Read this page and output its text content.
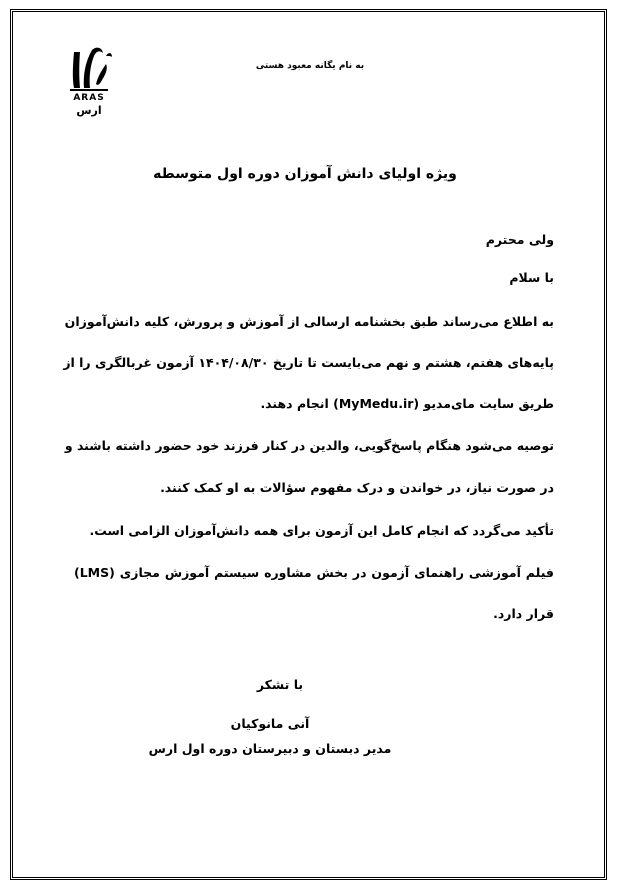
ARAS
ارس
به نام یگانه معبود هستی
ویژه اولیای دانش آموزان دوره اول متوسطه
ولی محترم
با سلام
به اطلاع می‌رساند طبق بخشنامه ارسالی از آموزش و پرورش، کلیه دانش‌آموزان
پایه‌های هفتم، هشتم و نهم می‌بایست تا تاریخ ۱۴۰۴/۰۸/۳۰ آزمون غربالگری را از
طریق سایت مای‌مدیو (MyMedu.ir) انجام دهند.
توصیه می‌شود هنگام پاسخ‌گویی، والدین در کنار فرزند خود حضور داشته باشند و
در صورت نیاز، در خواندن و درک مفهوم سؤالات به او کمک کنند.
تأکید می‌گردد که انجام کامل این آزمون برای همه دانش‌آموزان الزامی است.
فیلم آموزشی راهنمای آزمون در بخش مشاوره سیستم آموزش مجازی (LMS)
قرار دارد.
با تشکر
آنی مانوکیان
مدیر دبستان و دبیرستان دوره اول ارس
